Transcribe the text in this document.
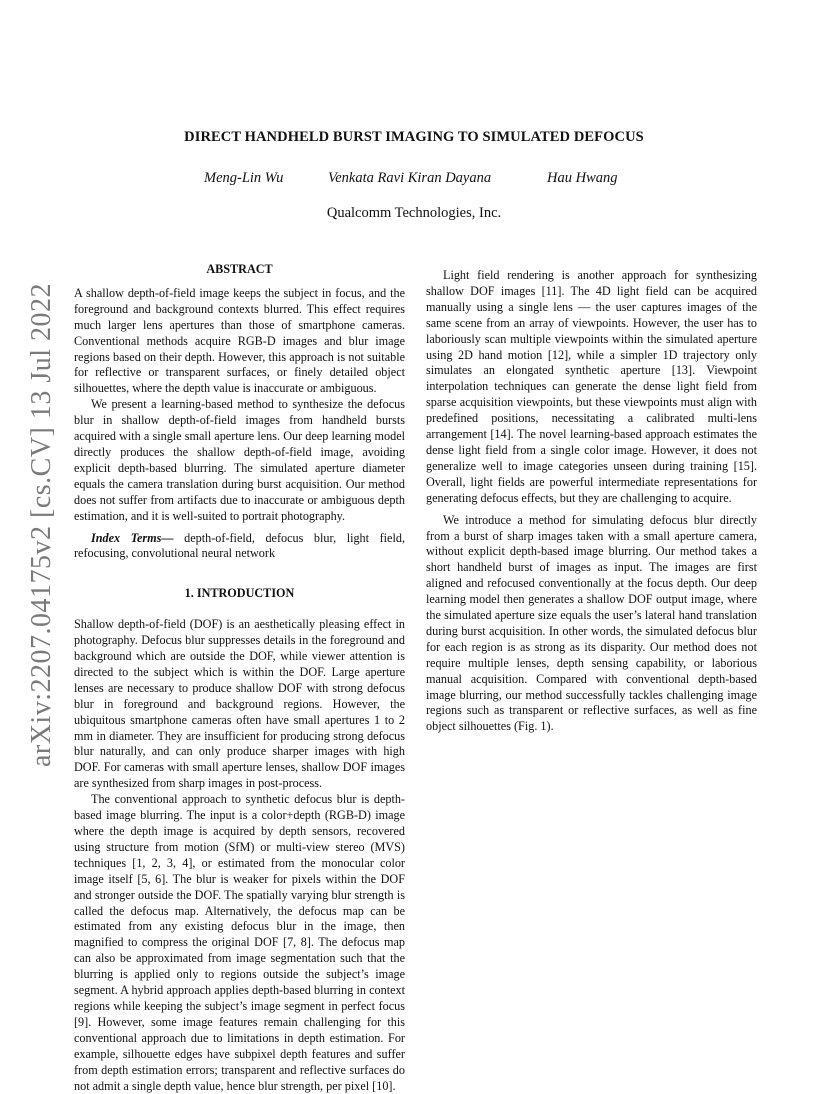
arXiv:2207.04175v2 [cs.CV] 13 Jul 2022
DIRECT HANDHELD BURST IMAGING TO SIMULATED DEFOCUS
Meng-Lin Wu	Venkata Ravi Kiran Dayana	Hau Hwang
Qualcomm Technologies, Inc.

ABSTRACT

A shallow depth-of-field image keeps the subject in focus, and the foreground and background contexts blurred. This effect requires much larger lens apertures than those of smartphone cameras. Conventional methods acquire RGB-D images and blur image regions based on their depth. However, this approach is not suitable for reflective or transparent surfaces, or finely detailed object silhouettes, where the depth value is inaccurate or ambiguous.

We present a learning-based method to synthesize the defocus blur in shallow depth-of-field images from handheld bursts acquired with a single small aperture lens. Our deep learning model directly produces the shallow depth-of-field image, avoiding explicit depth-based blurring. The simulated aperture diameter equals the camera translation during burst acquisition. Our method does not suffer from artifacts due to inaccurate or ambiguous depth estimation, and it is well-suited to portrait photography.

Index Terms— depth-of-field, defocus blur, light field, refocusing, convolutional neural network

1. INTRODUCTION

Shallow depth-of-field (DOF) is an aesthetically pleasing effect in photography. Defocus blur suppresses details in the foreground and background which are outside the DOF, while viewer attention is directed to the subject which is within the DOF. Large aperture lenses are necessary to produce shallow DOF with strong defocus blur in foreground and background regions. However, the ubiquitous smartphone cameras often have small apertures 1 to 2 mm in diameter. They are insufficient for producing strong defocus blur naturally, and can only produce sharper images with high DOF. For cameras with small aperture lenses, shallow DOF images are synthesized from sharp images in post-process.

The conventional approach to synthetic defocus blur is depth-based image blurring. The input is a color+depth (RGB-D) image where the depth image is acquired by depth sensors, recovered using structure from motion (SfM) or multi-view stereo (MVS) techniques [1, 2, 3, 4], or estimated from the monocular color image itself [5, 6]. The blur is weaker for pixels within the DOF and stronger outside the DOF. The spatially varying blur strength is called the defocus map. Alternatively, the defocus map can be estimated from any existing defocus blur in the image, then magnified to compress the original DOF [7, 8]. The defocus map can also be approximated from image segmentation such that the blurring is applied only to regions outside the subject’s image segment. A hybrid approach applies depth-based blurring in context regions while keeping the subject’s image segment in perfect focus [9]. However, some image features remain challenging for this conventional approach due to limitations in depth estimation. For example, silhouette edges have subpixel depth features and suffer from depth estimation errors; transparent and reflective surfaces do not admit a single depth value, hence blur strength, per pixel [10].

Light field rendering is another approach for synthesizing shallow DOF images [11]. The 4D light field can be acquired manually using a single lens — the user captures images of the same scene from an array of viewpoints. However, the user has to laboriously scan multiple viewpoints within the simulated aperture using 2D hand motion [12], while a simpler 1D trajectory only simulates an elongated synthetic aperture [13]. Viewpoint interpolation techniques can generate the dense light field from sparse acquisition viewpoints, but these viewpoints must align with predefined positions, necessitating a calibrated multi-lens arrangement [14]. The novel learning-based approach estimates the dense light field from a single color image. However, it does not generalize well to image categories unseen during training [15]. Overall, light fields are powerful intermediate representations for generating defocus effects, but they are challenging to acquire.

We introduce a method for simulating defocus blur directly from a burst of sharp images taken with a small aperture camera, without explicit depth-based image blurring. Our method takes a short handheld burst of images as input. The images are first aligned and refocused conventionally at the focus depth. Our deep learning model then generates a shallow DOF output image, where the simulated aperture size equals the user’s lateral hand translation during burst acquisition. In other words, the simulated defocus blur for each region is as strong as its disparity. Our method does not require multiple lenses, depth sensing capability, or laborious manual acquisition. Compared with conventional depth-based image blurring, our method successfully tackles challenging image regions such as transparent or reflective surfaces, as well as fine object silhouettes (Fig. 1).
